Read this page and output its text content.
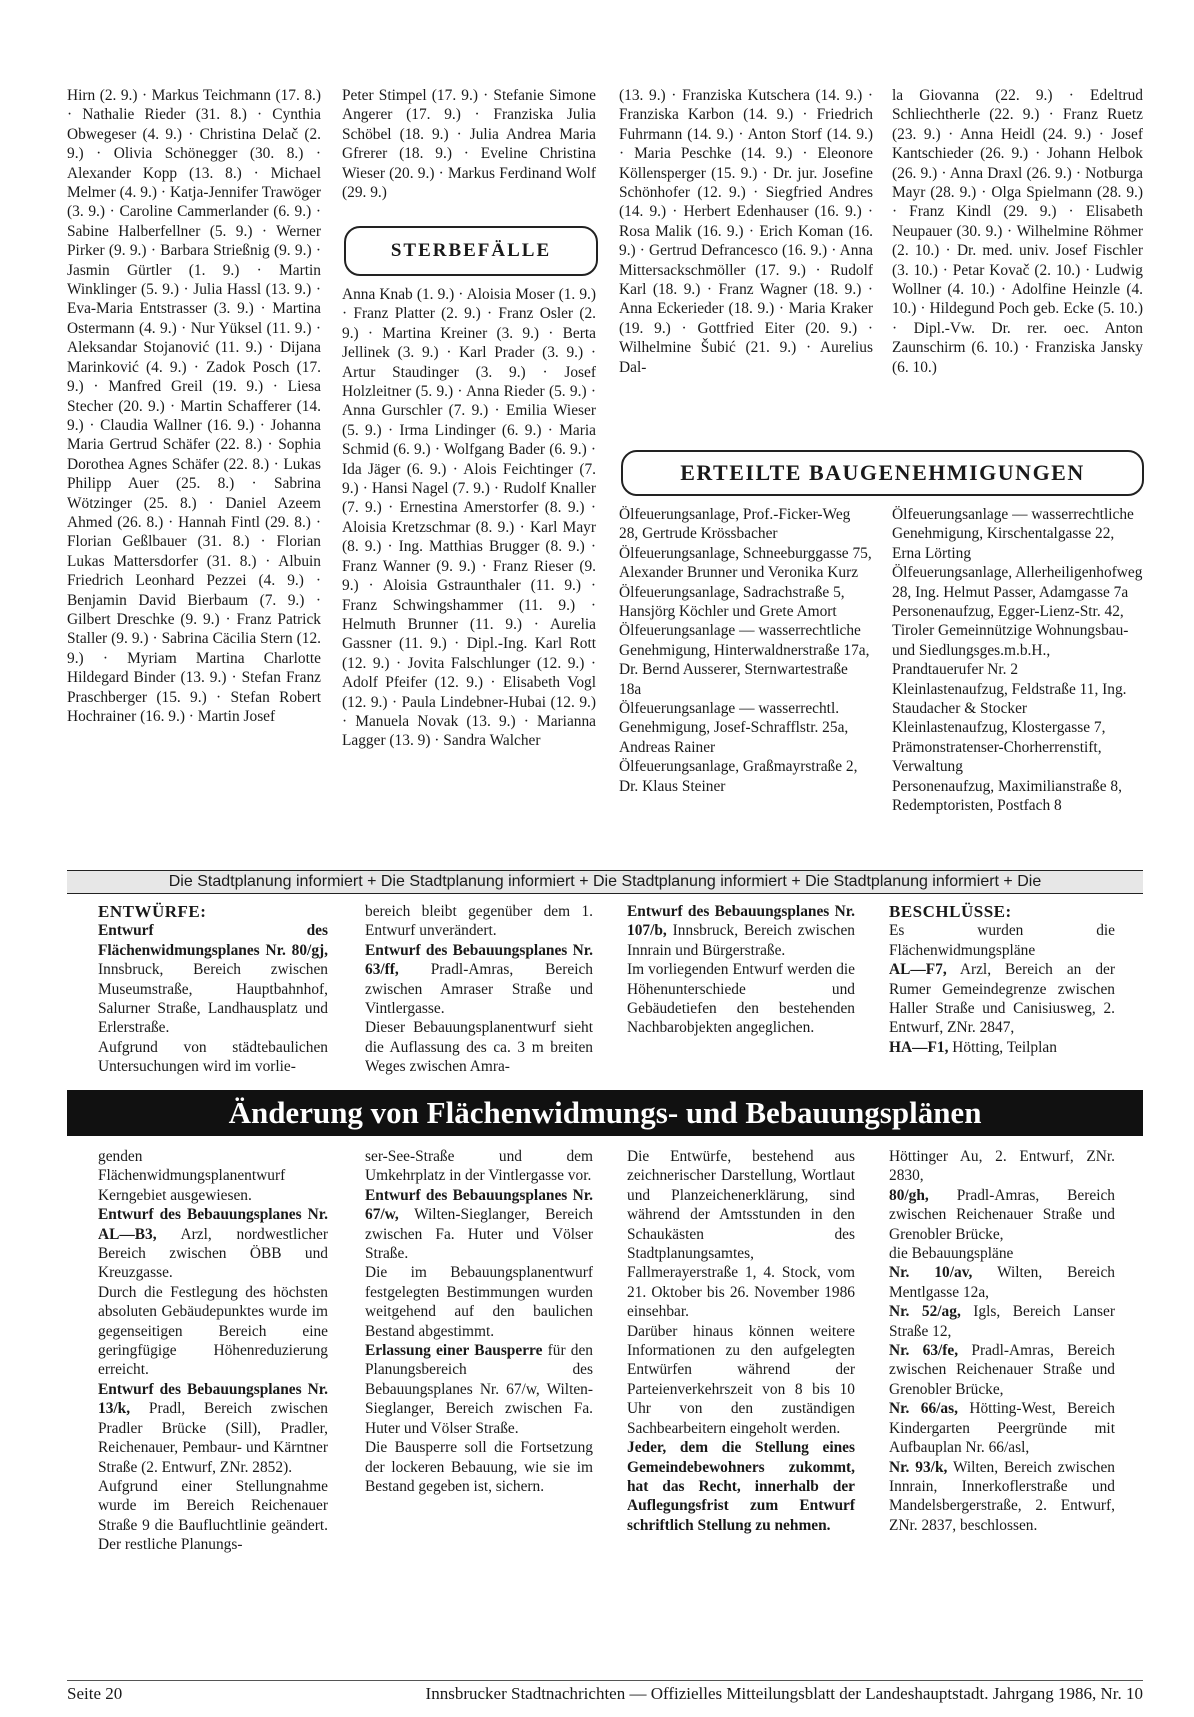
Hirn (2. 9.) · Markus Teichmann (17. 8.) · Nathalie Rieder (31. 8.) · Cynthia Obwegeser (4. 9.) · Christina Delač (2. 9.) · Olivia Schönegger (30. 8.) · Alexander Kopp (13. 8.) · Michael Melmer (4. 9.) · Katja-Jennifer Trawöger (3. 9.) · Caroline Cammerlander (6. 9.) · Sabine Halberfellner (5. 9.) · Werner Pirker (9. 9.) · Barbara Strießnig (9. 9.) · Jasmin Gürtler (1. 9.) · Martin Winklinger (5. 9.) · Julia Hassl (13. 9.) · Eva-Maria Entstrasser (3. 9.) · Martina Ostermann (4. 9.) · Nur Yüksel (11. 9.) · Aleksandar Stojanović (11. 9.) · Dijana Marinković (4. 9.) · Zadok Posch (17. 9.) · Manfred Greil (19. 9.) · Liesa Stecher (20. 9.) · Martin Schafferer (14. 9.) · Claudia Wallner (16. 9.) · Johanna Maria Gertrud Schäfer (22. 8.) · Sophia Dorothea Agnes Schäfer (22. 8.) · Lukas Philipp Auer (25. 8.) · Sabrina Wötzinger (25. 8.) · Daniel Azeem Ahmed (26. 8.) · Hannah Fintl (29. 8.) · Florian Geßlbauer (31. 8.) · Florian Lukas Mattersdorfer (31. 8.) · Albuin Friedrich Leonhard Pezzei (4. 9.) · Benjamin David Bierbaum (7. 9.) · Gilbert Dreschke (9. 9.) · Franz Patrick Staller (9. 9.) · Sabrina Cäcilia Stern (12. 9.) · Myriam Martina Charlotte Hildegard Binder (13. 9.) · Stefan Franz Praschberger (15. 9.) · Stefan Robert Hochrainer (16. 9.) · Martin Josef

Peter Stimpel (17. 9.) · Stefanie Simone Angerer (17. 9.) · Franziska Julia Schöbel (18. 9.) · Julia Andrea Maria Gfrerer (18. 9.) · Eveline Christina Wieser (20. 9.) · Markus Ferdinand Wolf (29. 9.)

STERBEFÄLLE

Anna Knab (1. 9.) · Aloisia Moser (1. 9.) · Franz Platter (2. 9.) · Franz Osler (2. 9.) · Martina Kreiner (3. 9.) · Berta Jellinek (3. 9.) · Karl Prader (3. 9.) · Artur Staudinger (3. 9.) · Josef Holzleitner (5. 9.) · Anna Rieder (5. 9.) · Anna Gurschler (7. 9.) · Emilia Wieser (5. 9.) · Irma Lindinger (6. 9.) · Maria Schmid (6. 9.) · Wolfgang Bader (6. 9.) · Ida Jäger (6. 9.) · Alois Feichtinger (7. 9.) · Hansi Nagel (7. 9.) · Rudolf Knaller (7. 9.) · Ernestina Amerstorfer (8. 9.) · Aloisia Kretzschmar (8. 9.) · Karl Mayr (8. 9.) · Ing. Matthias Brugger (8. 9.) · Franz Wanner (9. 9.) · Franz Rieser (9. 9.) · Aloisia Gstraunthaler (11. 9.) · Franz Schwingshammer (11. 9.) · Helmuth Brunner (11. 9.) · Aurelia Gassner (11. 9.) · Dipl.-Ing. Karl Rott (12. 9.) · Jovita Falschlunger (12. 9.) · Adolf Pfeifer (12. 9.) · Elisabeth Vogl (12. 9.) · Paula Lindebner-Hubai (12. 9.) · Manuela Novak (13. 9.) · Marianna Lagger (13. 9) · Sandra Walcher

(13. 9.) · Franziska Kutschera (14. 9.) · Franziska Karbon (14. 9.) · Friedrich Fuhrmann (14. 9.) · Anton Storf (14. 9.) · Maria Peschke (14. 9.) · Eleonore Köllensperger (15. 9.) · Dr. jur. Josefine Schönhofer (12. 9.) · Siegfried Andres (14. 9.) · Herbert Edenhauser (16. 9.) · Rosa Malik (16. 9.) · Erich Koman (16. 9.) · Gertrud Defrancesco (16. 9.) · Anna Mittersackschmöller (17. 9.) · Rudolf Karl (18. 9.) · Franz Wagner (18. 9.) · Anna Eckerieder (18. 9.) · Maria Kraker (19. 9.) · Gottfried Eiter (20. 9.) · Wilhelmine Šubić (21. 9.) · Aurelius Dal-

la Giovanna (22. 9.) · Edeltrud Schliechtherle (22. 9.) · Franz Ruetz (23. 9.) · Anna Heidl (24. 9.) · Josef Kantschieder (26. 9.) · Johann Helbok (26. 9.) · Anna Draxl (26. 9.) · Notburga Mayr (28. 9.) · Olga Spielmann (28. 9.) · Franz Kindl (29. 9.) · Elisabeth Neupauer (30. 9.) · Wilhelmine Röhmer (2. 10.) · Dr. med. univ. Josef Fischler (3. 10.) · Petar Kovač (2. 10.) · Ludwig Wollner (4. 10.) · Adolfine Heinzle (4. 10.) · Hildegund Poch geb. Ecke (5. 10.) · Dipl.-Vw. Dr. rer. oec. Anton Zaunschirm (6. 10.) · Franziska Jansky (6. 10.)

ERTEILTE BAUGENEHMIGUNGEN

Ölfeuerungsanlage, Prof.-Ficker-Weg 28, Gertrude Krössbacher

Ölfeuerungsanlage, Schneeburggasse 75, Alexander Brunner und Veronika Kurz

Ölfeuerungsanlage, Sadrachstraße 5, Hansjörg Köchler und Grete Amort

Ölfeuerungsanlage — wasserrechtliche Genehmigung, Hinterwaldnerstraße 17a, Dr. Bernd Ausserer, Sternwartestraße 18a

Ölfeuerungsanlage — wasserrechtl. Genehmigung, Josef-Schrafflstr. 25a, Andreas Rainer

Ölfeuerungsanlage, Graßmayrstraße 2, Dr. Klaus Steiner

Ölfeuerungsanlage — wasserrechtliche Genehmigung, Kirschentalgasse 22, Erna Lörting

Ölfeuerungsanlage, Allerheiligenhofweg 28, Ing. Helmut Passer, Adamgasse 7a

Personenaufzug, Egger-Lienz-Str. 42, Tiroler Gemeinnützige Wohnungsbau- und Siedlungsges.m.b.H., Prandtauerufer Nr. 2

Kleinlastenaufzug, Feldstraße 11, Ing. Staudacher & Stocker

Kleinlastenaufzug, Klostergasse 7, Prämonstratenser-Chorherrenstift, Verwaltung

Personenaufzug, Maximilianstraße 8, Redemptoristen, Postfach 8

Die Stadtplanung informiert + Die Stadtplanung informiert + Die Stadtplanung informiert + Die Stadtplanung informiert + Die

ENTWÜRFE:

Entwurf des Flächenwidmungsplanes Nr. 80/gj, Innsbruck, Bereich zwischen Museumstraße, Hauptbahnhof, Salurner Straße, Landhausplatz und Erlerstraße.

Aufgrund von städtebaulichen Untersuchungen wird im vorlie-

bereich bleibt gegenüber dem 1. Entwurf unverändert.

Entwurf des Bebauungsplanes Nr. 63/ff, Pradl-Amras, Bereich zwischen Amraser Straße und Vintlergasse.

Dieser Bebauungsplanentwurf sieht die Auflassung des ca. 3 m breiten Weges zwischen Amra-

Entwurf des Bebauungsplanes Nr. 107/b, Innsbruck, Bereich zwischen Innrain und Bürgerstraße.

Im vorliegenden Entwurf werden die Höhenunterschiede und Gebäudetiefen den bestehenden Nachbarobjekten angeglichen.

BESCHLÜSSE:

Es wurden die Flächenwidmungspläne

AL—F7, Arzl, Bereich an der Rumer Gemeindegrenze zwischen Haller Straße und Canisiusweg, 2. Entwurf, ZNr. 2847,

HA—F1, Hötting, Teilplan

Änderung von Flächenwidmungs- und Bebauungsplänen

genden Flächenwidmungsplanentwurf Kerngebiet ausgewiesen.

Entwurf des Bebauungsplanes Nr. AL—B3, Arzl, nordwestlicher Bereich zwischen ÖBB und Kreuzgasse.

Durch die Festlegung des höchsten absoluten Gebäudepunktes wurde im gegenseitigen Bereich eine geringfügige Höhenreduzierung erreicht.

Entwurf des Bebauungsplanes Nr. 13/k, Pradl, Bereich zwischen Pradler Brücke (Sill), Pradler, Reichenauer, Pembaur- und Kärntner Straße (2. Entwurf, ZNr. 2852).

Aufgrund einer Stellungnahme wurde im Bereich Reichenauer Straße 9 die Baufluchtlinie geändert. Der restliche Planungs-

ser-See-Straße und dem Umkehrplatz in der Vintlergasse vor.

Entwurf des Bebauungsplanes Nr. 67/w, Wilten-Sieglanger, Bereich zwischen Fa. Huter und Völser Straße.

Die im Bebauungsplanentwurf festgelegten Bestimmungen wurden weitgehend auf den baulichen Bestand abgestimmt.

Erlassung einer Bausperre für den Planungsbereich des Bebauungsplanes Nr. 67/w, Wilten-Sieglanger, Bereich zwischen Fa. Huter und Völser Straße.

Die Bausperre soll die Fortsetzung der lockeren Bebauung, wie sie im Bestand gegeben ist, sichern.

Die Entwürfe, bestehend aus zeichnerischer Darstellung, Wortlaut und Planzeichenerklärung, sind während der Amtsstunden in den Schaukästen des Stadtplanungsamtes, Fallmerayerstraße 1, 4. Stock, vom 21. Oktober bis 26. November 1986 einsehbar.

Darüber hinaus können weitere Informationen zu den aufgelegten Entwürfen während der Parteienverkehrszeit von 8 bis 10 Uhr von den zuständigen Sachbearbeitern eingeholt werden.

Jeder, dem die Stellung eines Gemeindebewohners zukommt, hat das Recht, innerhalb der Auflegungsfrist zum Entwurf schriftlich Stellung zu nehmen.

Höttinger Au, 2. Entwurf, ZNr. 2830,

80/gh, Pradl-Amras, Bereich zwischen Reichenauer Straße und Grenobler Brücke,

die Bebauungspläne

Nr. 10/av, Wilten, Bereich Mentlgasse 12a,

Nr. 52/ag, Igls, Bereich Lanser Straße 12,

Nr. 63/fe, Pradl-Amras, Bereich zwischen Reichenauer Straße und Grenobler Brücke,

Nr. 66/as, Hötting-West, Bereich Kindergarten Peergründe mit Aufbauplan Nr. 66/asl,

Nr. 93/k, Wilten, Bereich zwischen Innrain, Innerkoflerstraße und Mandelsbergerstraße, 2. Entwurf, ZNr. 2837, beschlossen.

Seite 20	Innsbrucker Stadtnachrichten — Offizielles Mitteilungsblatt der Landeshauptstadt. Jahrgang 1986, Nr. 10
